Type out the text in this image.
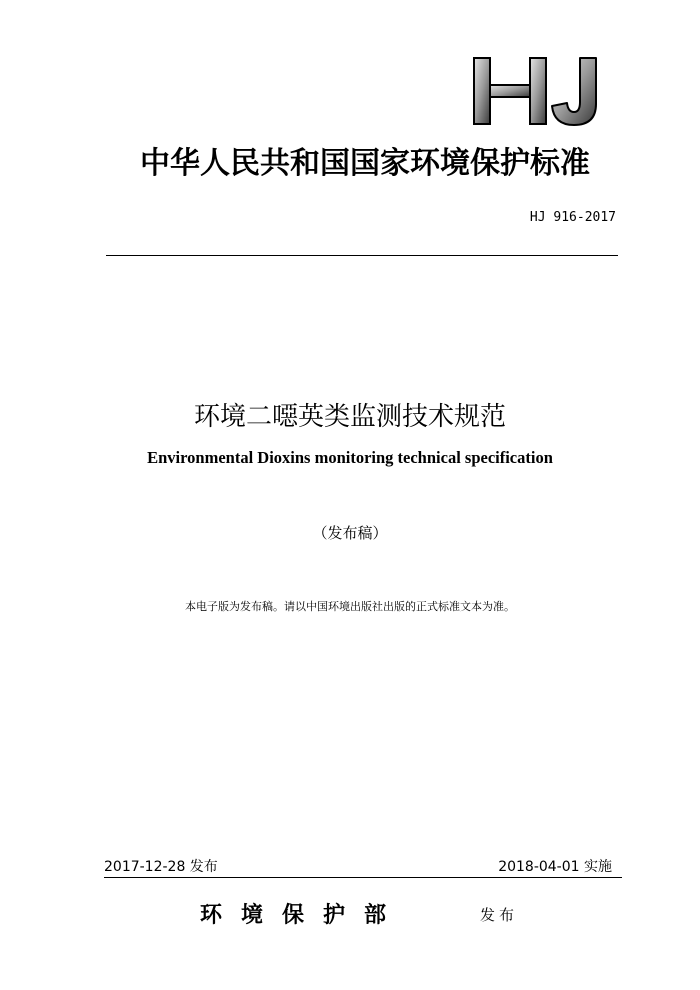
中华人民共和国国家环境保护标准
HJ 916-2017
环境二噁英类监测技术规范
Environmental Dioxins monitoring technical specification
（发布稿）
本电子版为发布稿。请以中国环境出版社出版的正式标准文本为准。
2017-12-28 发布	2018-04-01 实施
环境保护部	发布
